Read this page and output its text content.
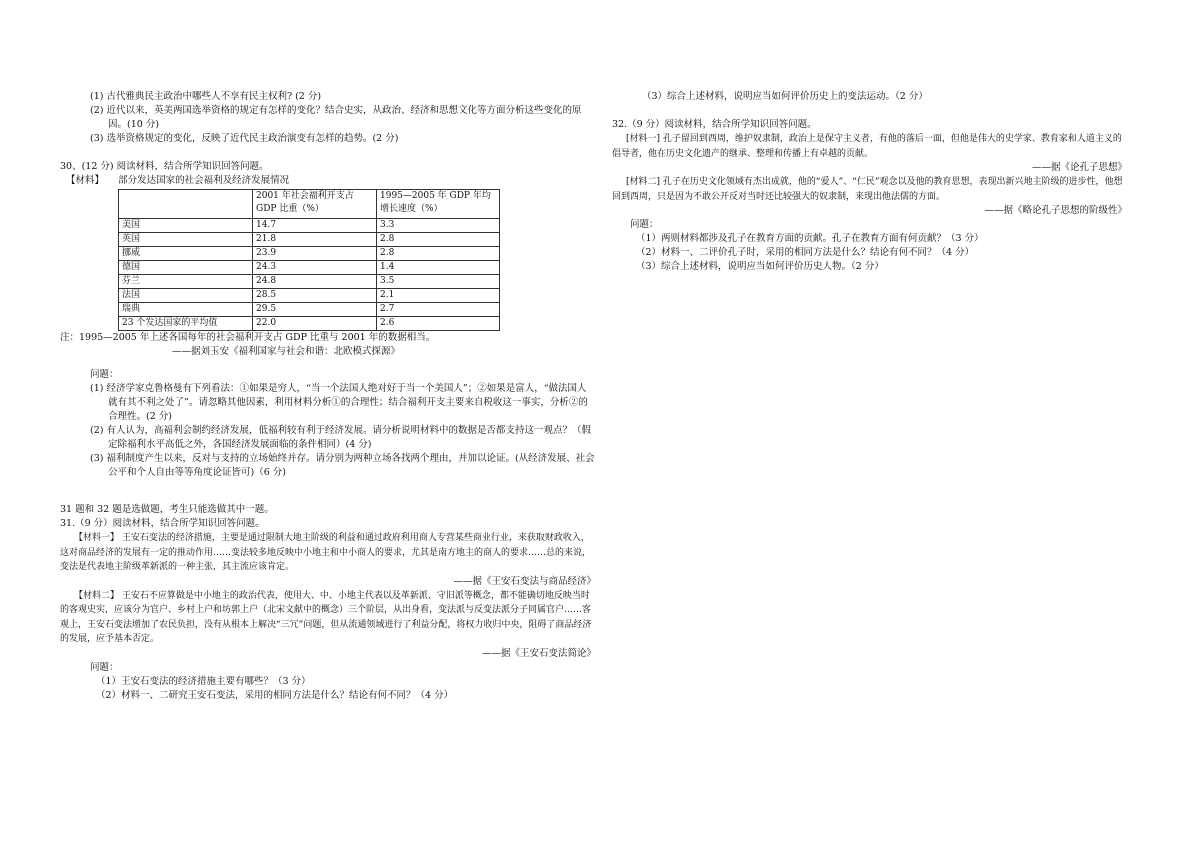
(1) 古代雅典民主政治中哪些人不享有民主权利? (2 分)

(2) 近代以来，英美两国选举资格的规定有怎样的变化？结合史实，从政治、经济和思想文化等方面分析这些变化的原因。(10 分)

(3) 选举资格规定的变化，反映了近代民主政治演变有怎样的趋势。(2 分)

30、(12 分) 阅读材料，结合所学知识回答问题。

【材料】 部分发达国家的社会福利及经济发展情况

	2001 年社会福利开支占GDP 比重（%）	1995—2005 年 GDP 年均增长速度（%）
美国	14.7	3.3
英国	21.8	2.8
挪威	23.9	2.8
德国	24.3	1.4
芬兰	24.8	3.5
法国	28.5	2.1
瑞典	29.5	2.7
23 个发达国家的平均值	22.0	2.6

注：1995—2005 年上述各国每年的社会福利开支占 GDP 比重与 2001 年的数据相当。

——据刘玉安《福利国家与社会和谐：北欧模式探源》

问题：

(1) 经济学家克鲁格曼有下列看法：①如果是穷人，“当一个法国人绝对好于当一个美国人”；②如果是富人，“做法国人就有其不利之处了”。请忽略其他因素，利用材料分析①的合理性；结合福利开支主要来自税收这一事实，分析②的合理性。(2 分)

(2) 有人认为，高福利会制约经济发展，低福利较有利于经济发展。请分析说明材料中的数据是否都支持这一观点？（假定除福利水平高低之外，各国经济发展面临的条件相同）(4 分)

(3) 福利制度产生以来，反对与支持的立场始终并存。请分别为两种立场各找两个理由，并加以论证。(从经济发展、社会公平和个人自由等等角度论证皆可)（6 分)

31 题和 32 题是选做题，考生只能选做其中一题。

31.（9 分）阅读材料，结合所学知识回答问题。

【材料一】 王安石变法的经济措施，主要是通过限制大地主阶级的利益和通过政府利用商人专营某些商业行业，来获取财政收入，这对商品经济的发展有一定的推动作用……变法较多地反映中小地主和中小商人的要求，尤其是南方地主的商人的要求……总的来说，变法是代表地主阶级革新派的一种主张，其主流应该肯定。

——据《王安石变法与商品经济》

【材料二】 王安石不应算做是中小地主的政治代表，使用大、中、小地主代表以及革新派、守旧派等概念，都不能确切地反映当时的客观史实，应该分为官户、乡村上户和坊郭上户（北宋文献中的概念）三个阶层，从出身看，变法派与反变法派分子同属官户……客观上，王安石变法增加了农民负担，没有从根本上解决“三冗”问题，但从流通领域进行了利益分配，将权力收归中央，阻碍了商品经济的发展，应予基本否定。

——据《王安石变法简论》

问题：

（1）王安石变法的经济措施主要有哪些？（3 分）

（2）材料一、二研究王安石变法，采用的相同方法是什么？结论有何不同？（4 分）

（3）综合上述材料，说明应当如何评价历史上的变法运动。（2 分）

32.（9 分）阅读材料，结合所学知识回答问题。

[材料一] 孔子留回到西周，维护奴隶制，政治上是保守主义者，有他的落后一面，但他是伟大的史学家、教育家和人道主义的倡导者，他在历史文化遗产的继承、整理和传播上有卓越的贡献。

——据《论孔子思想》

[材料二] 孔子在历史文化领域有杰出成就，他的“爱人”、“仁民”观念以及他的教育思想，表现出新兴地主阶级的进步性，他想回到西周，只是因为不敢公开反对当时还比较强大的奴隶制，来现出他法儒的方面。

——据《略论孔子思想的阶级性》

问题：

（1）两则材料都涉及孔子在教育方面的贡献。孔子在教育方面有何贡献？（3 分）

（2）材料一、二评价孔子时，采用的相同方法是什么？结论有何不同？（4 分）

（3）综合上述材料，说明应当如何评价历史人物。（2 分）
